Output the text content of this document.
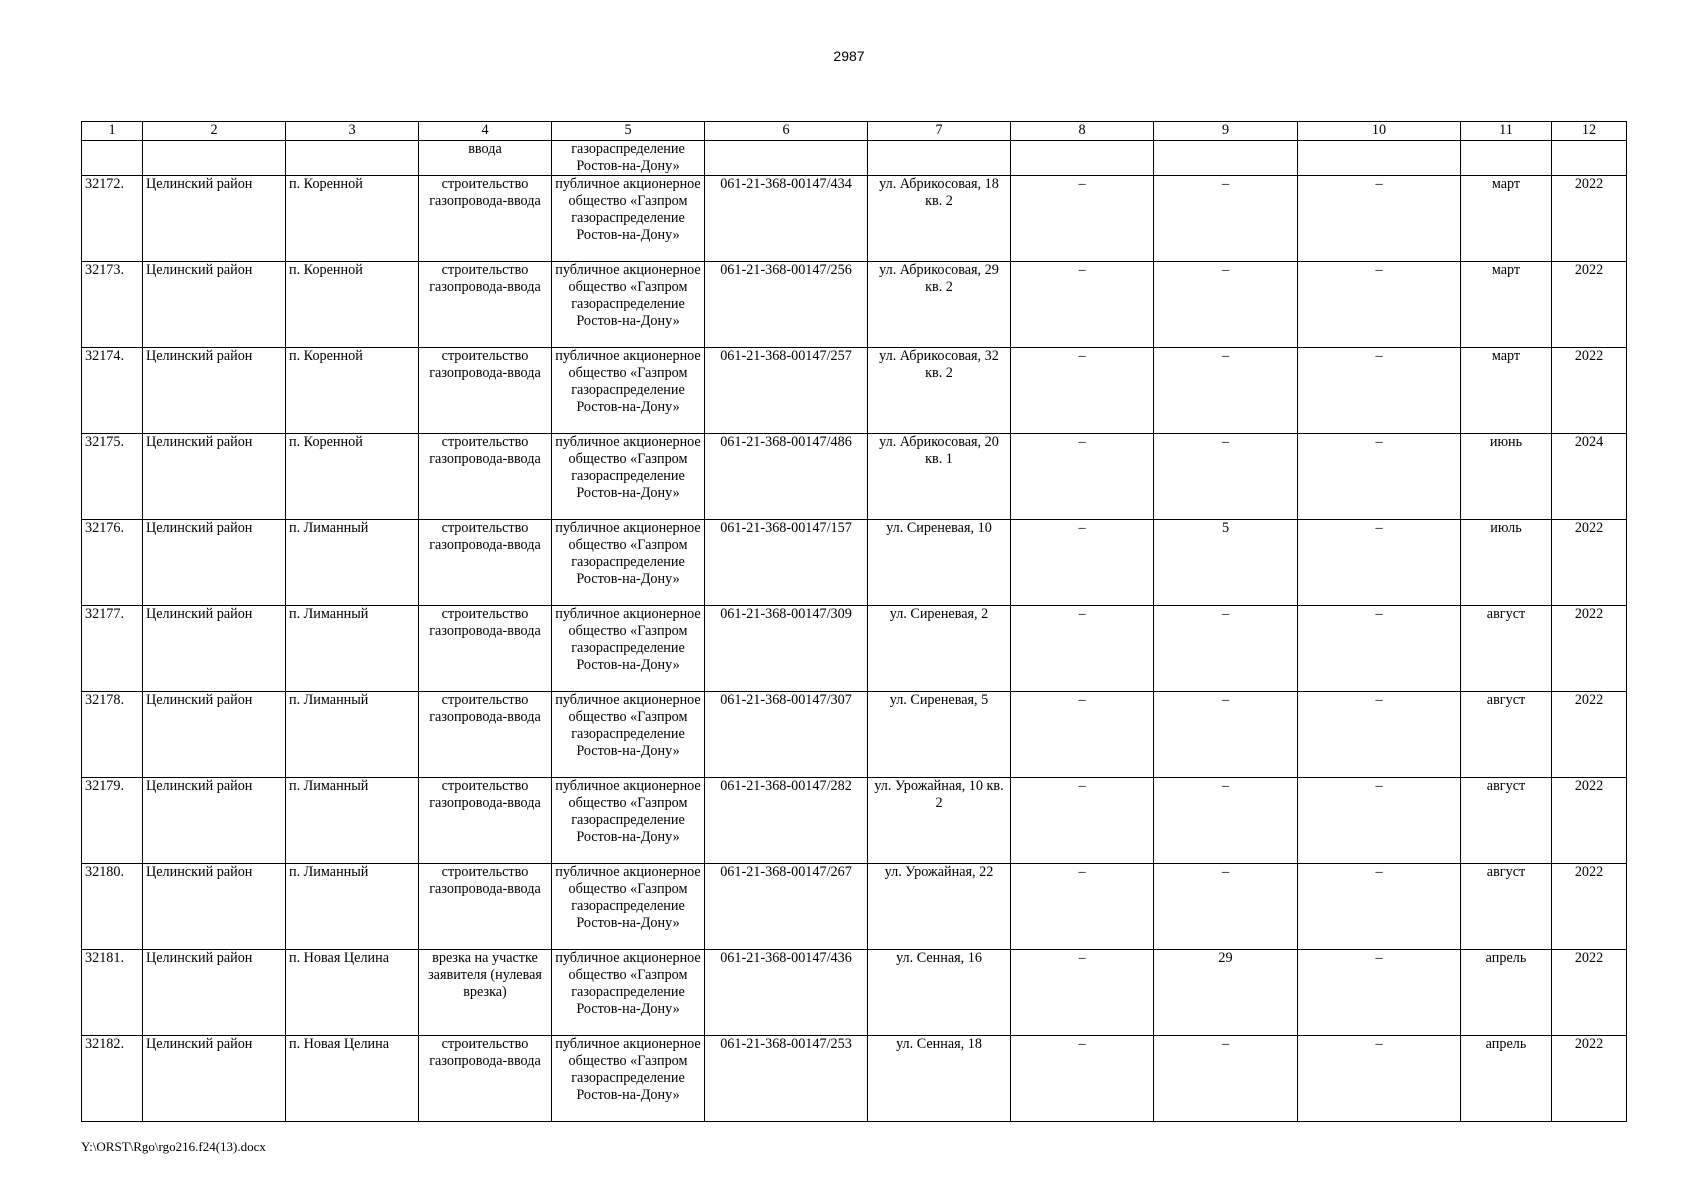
2987
1	2	3	4	5	6	7	8	9	10	11	12
			ввода	газораспределение Ростов-на-Дону»							
32172.	Целинский район	п. Коренной	строительство газопровода-ввода	публичное акционерное общество «Газпром газораспределение Ростов-на-Дону»	061-21-368-00147/434	ул. Абрикосовая, 18 кв. 2	–	–	–	март	2022
32173.	Целинский район	п. Коренной	строительство газопровода-ввода	публичное акционерное общество «Газпром газораспределение Ростов-на-Дону»	061-21-368-00147/256	ул. Абрикосовая, 29 кв. 2	–	–	–	март	2022
32174.	Целинский район	п. Коренной	строительство газопровода-ввода	публичное акционерное общество «Газпром газораспределение Ростов-на-Дону»	061-21-368-00147/257	ул. Абрикосовая, 32 кв. 2	–	–	–	март	2022
32175.	Целинский район	п. Коренной	строительство газопровода-ввода	публичное акционерное общество «Газпром газораспределение Ростов-на-Дону»	061-21-368-00147/486	ул. Абрикосовая, 20 кв. 1	–	–	–	июнь	2024
32176.	Целинский район	п. Лиманный	строительство газопровода-ввода	публичное акционерное общество «Газпром газораспределение Ростов-на-Дону»	061-21-368-00147/157	ул. Сиреневая, 10	–	5	–	июль	2022
32177.	Целинский район	п. Лиманный	строительство газопровода-ввода	публичное акционерное общество «Газпром газораспределение Ростов-на-Дону»	061-21-368-00147/309	ул. Сиреневая, 2	–	–	–	август	2022
32178.	Целинский район	п. Лиманный	строительство газопровода-ввода	публичное акционерное общество «Газпром газораспределение Ростов-на-Дону»	061-21-368-00147/307	ул. Сиреневая, 5	–	–	–	август	2022
32179.	Целинский район	п. Лиманный	строительство газопровода-ввода	публичное акционерное общество «Газпром газораспределение Ростов-на-Дону»	061-21-368-00147/282	ул. Урожайная, 10 кв. 2	–	–	–	август	2022
32180.	Целинский район	п. Лиманный	строительство газопровода-ввода	публичное акционерное общество «Газпром газораспределение Ростов-на-Дону»	061-21-368-00147/267	ул. Урожайная, 22	–	–	–	август	2022
32181.	Целинский район	п. Новая Целина	врезка на участке заявителя (нулевая врезка)	публичное акционерное общество «Газпром газораспределение Ростов-на-Дону»	061-21-368-00147/436	ул. Сенная, 16	–	29	–	апрель	2022
32182.	Целинский район	п. Новая Целина	строительство газопровода-ввода	публичное акционерное общество «Газпром газораспределение Ростов-на-Дону»	061-21-368-00147/253	ул. Сенная, 18	–	–	–	апрель	2022
Y:\ORST\Rgo\rgo216.f24(13).docx
